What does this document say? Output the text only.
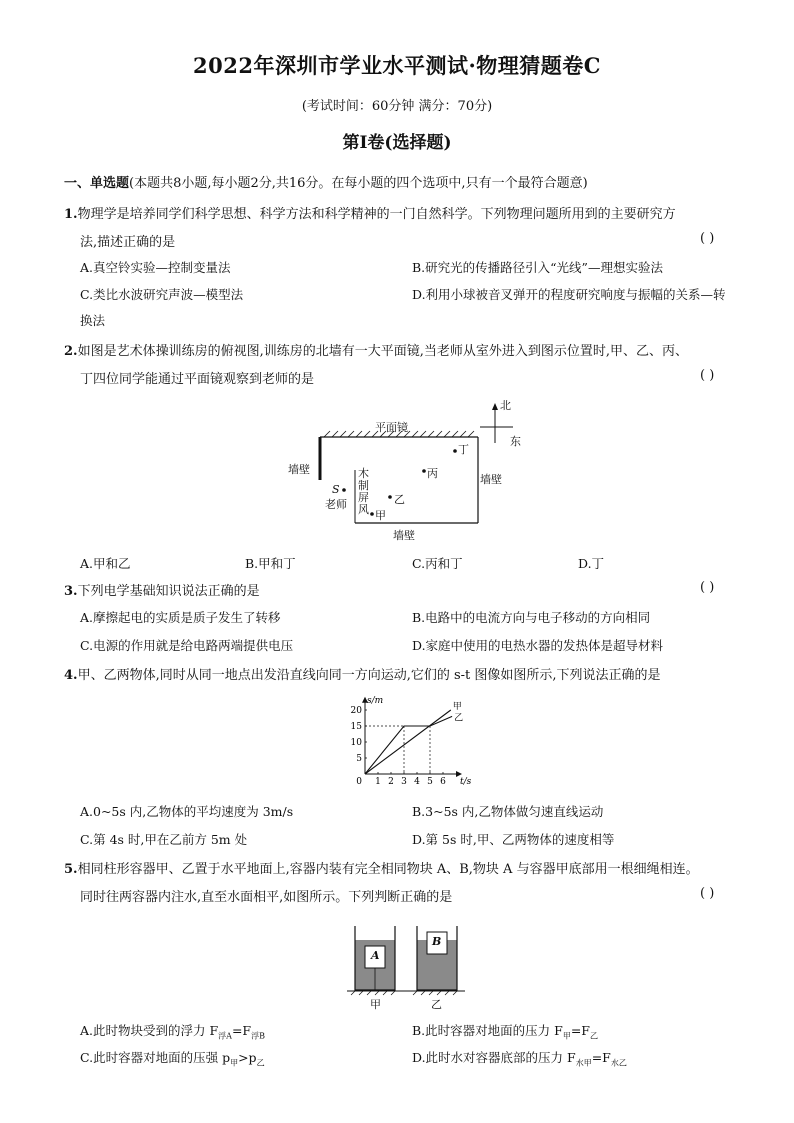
2022年深圳市学业水平测试·物理猜题卷C
(考试时间：60分钟 满分：70分)
第Ⅰ卷(选择题)
一、单选题(本题共8小题,每小题2分,共16分。在每小题的四个选项中,只有一个最符合题意)
1.物理学是培养同学们科学思想、科学方法和科学精神的一门自然科学。下列物理问题所用到的主要研究方
法,描述正确的是	( )
A.真空铃实验—控制变量法	B.研究光的传播路径引入“光线”—理想实验法
C.类比水波研究声波—模型法	D.利用小球被音叉弹开的程度研究响度与振幅的关系—转
换法
2.如图是艺术体操训练房的俯视图,训练房的北墙有一大平面镜,当老师从室外进入到图示位置时,甲、乙、丙、
丁四位同学能通过平面镜观察到老师的是	( )
平面镜
北
东
墙壁
墙壁
墙壁
木
制
屏
风
S
老师
丁
丙
乙
甲
A.甲和乙	B.甲和丁	C.丙和丁	D.丁
3.下列电学基础知识说法正确的是	( )
A.摩擦起电的实质是质子发生了转移	B.电路中的电流方向与电子移动的方向相同
C.电源的作用就是给电路两端提供电压	D.家庭中使用的电热水器的发热体是超导材料
4.甲、乙两物体,同时从同一地点出发沿直线向同一方向运动,它们的 s-t 图像如图所示,下列说法正确的是
1 2 3 4 5 6
5
10
15
20
0	t/s
s/m
甲
乙
A.0~5s 内,乙物体的平均速度为 3m/s	B.3~5s 内,乙物体做匀速直线运动
C.第 4s 时,甲在乙前方 5m 处	D.第 5s 时,甲、乙两物体的速度相等
5.相同柱形容器甲、乙置于水平地面上,容器内装有完全相同物块 A、B,物块 A 与容器甲底部用一根细绳相连。
同时往两容器内注水,直至水面相平,如图所示。下列判断正确的是	( )
A
B
甲	乙
A.此时物块受到的浮力 $F_{浮A}=F_{浮B}$	B.此时容器对地面的压力 $F_甲=F_乙$
C.此时容器对地面的压强 $p_甲>p_乙$	D.此时水对容器底部的压力 $F_{水甲}=F_{水乙}$
